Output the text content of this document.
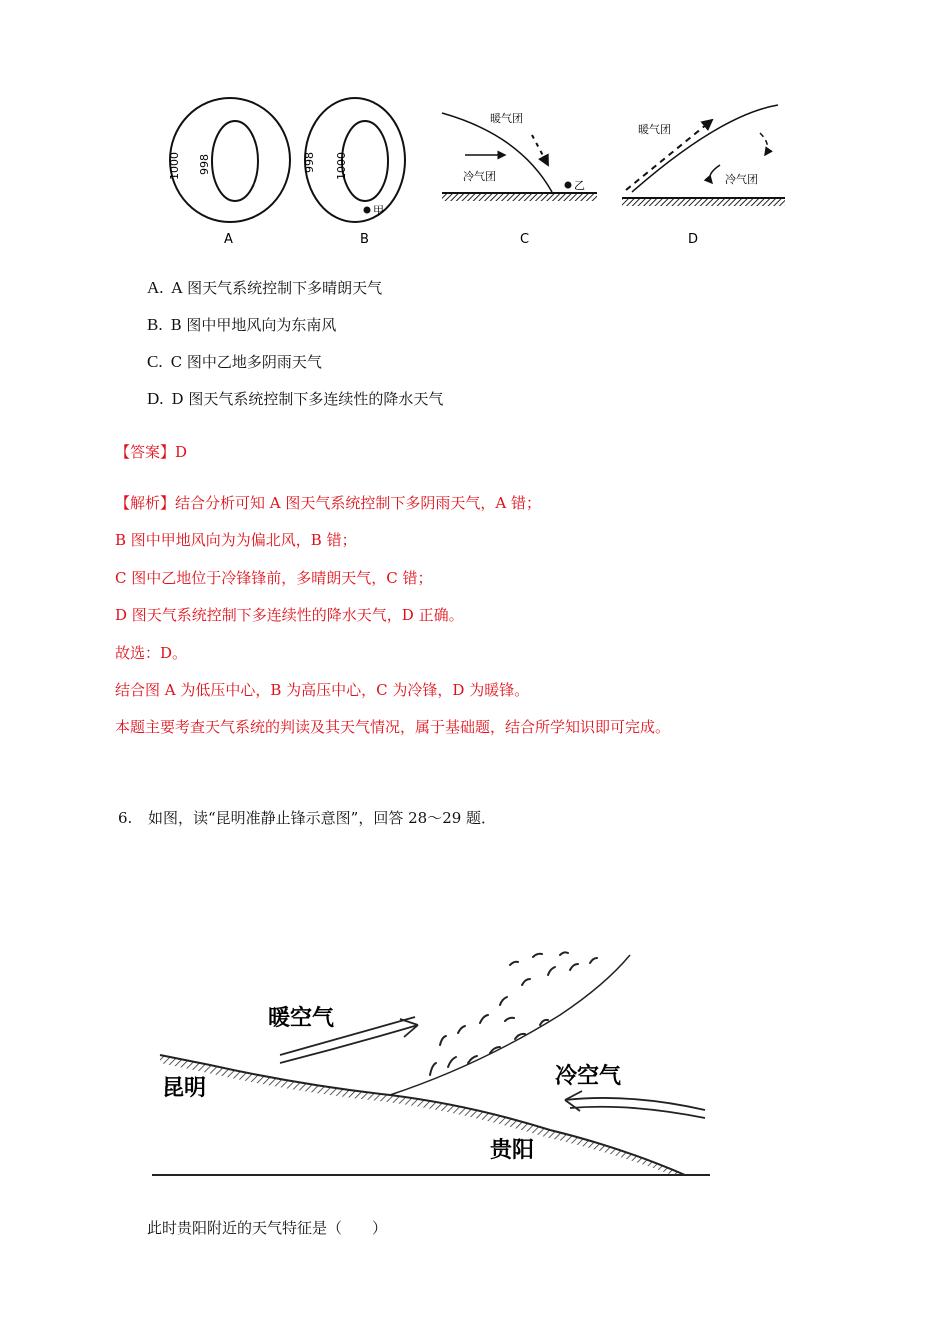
1000 998
A
998 1000
甲
B
暖气团
冷气团
乙
C
暖气团
冷气团
D
A. A 图天气系统控制下多晴朗天气
B. B 图中甲地风向为东南风
C. C 图中乙地多阴雨天气
D. D 图天气系统控制下多连续性的降水天气
【答案】D
【解析】结合分析可知 A 图天气系统控制下多阴雨天气，A 错；
B 图中甲地风向为为偏北风，B 错；
C 图中乙地位于冷锋锋前，多晴朗天气，C 错；
D 图天气系统控制下多连续性的降水天气，D 正确。
故选：D。
结合图 A 为低压中心，B 为高压中心，C 为冷锋，D 为暖锋。
本题主要考查天气系统的判读及其天气情况，属于基础题，结合所学知识即可完成。
6. 如图，读“昆明准静止锋示意图”，回答 28～29 题．
暖空气
冷空气
昆明
贵阳
此时贵阳附近的天气特征是（　　）
